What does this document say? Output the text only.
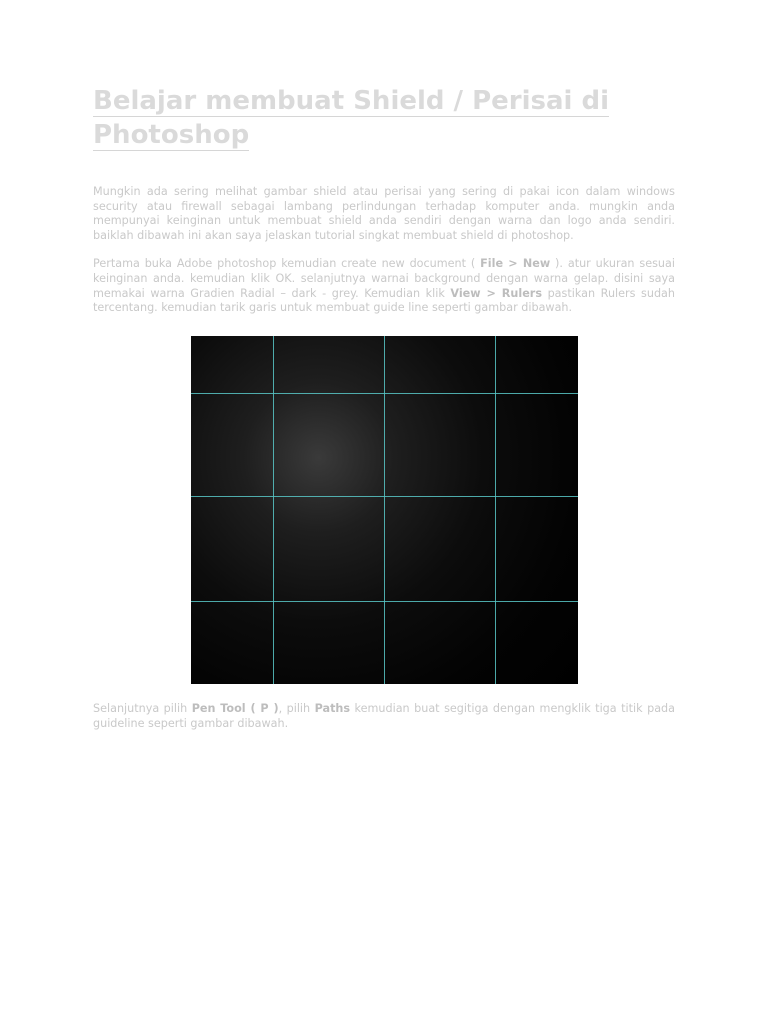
Belajar membuat Shield / Perisai di
Photoshop

Mungkin ada sering melihat gambar shield atau perisai yang sering di pakai icon dalam windows security atau firewall sebagai lambang perlindungan terhadap komputer anda. mungkin anda mempunyai keinginan untuk membuat shield anda sendiri dengan warna dan logo anda sendiri. baiklah dibawah ini akan saya jelaskan tutorial singkat membuat shield di photoshop.

Pertama buka Adobe photoshop kemudian create new document ( File > New ). atur ukuran sesuai keinginan anda. kemudian klik OK. selanjutnya warnai background dengan warna gelap. disini saya memakai warna Gradien Radial – dark - grey. Kemudian klik View > Rulers pastikan Rulers sudah tercentang. kemudian tarik garis untuk membuat guide line seperti gambar dibawah.

Selanjutnya pilih Pen Tool ( P ), pilih Paths kemudian buat segitiga dengan mengklik tiga titik pada guideline seperti gambar dibawah.
